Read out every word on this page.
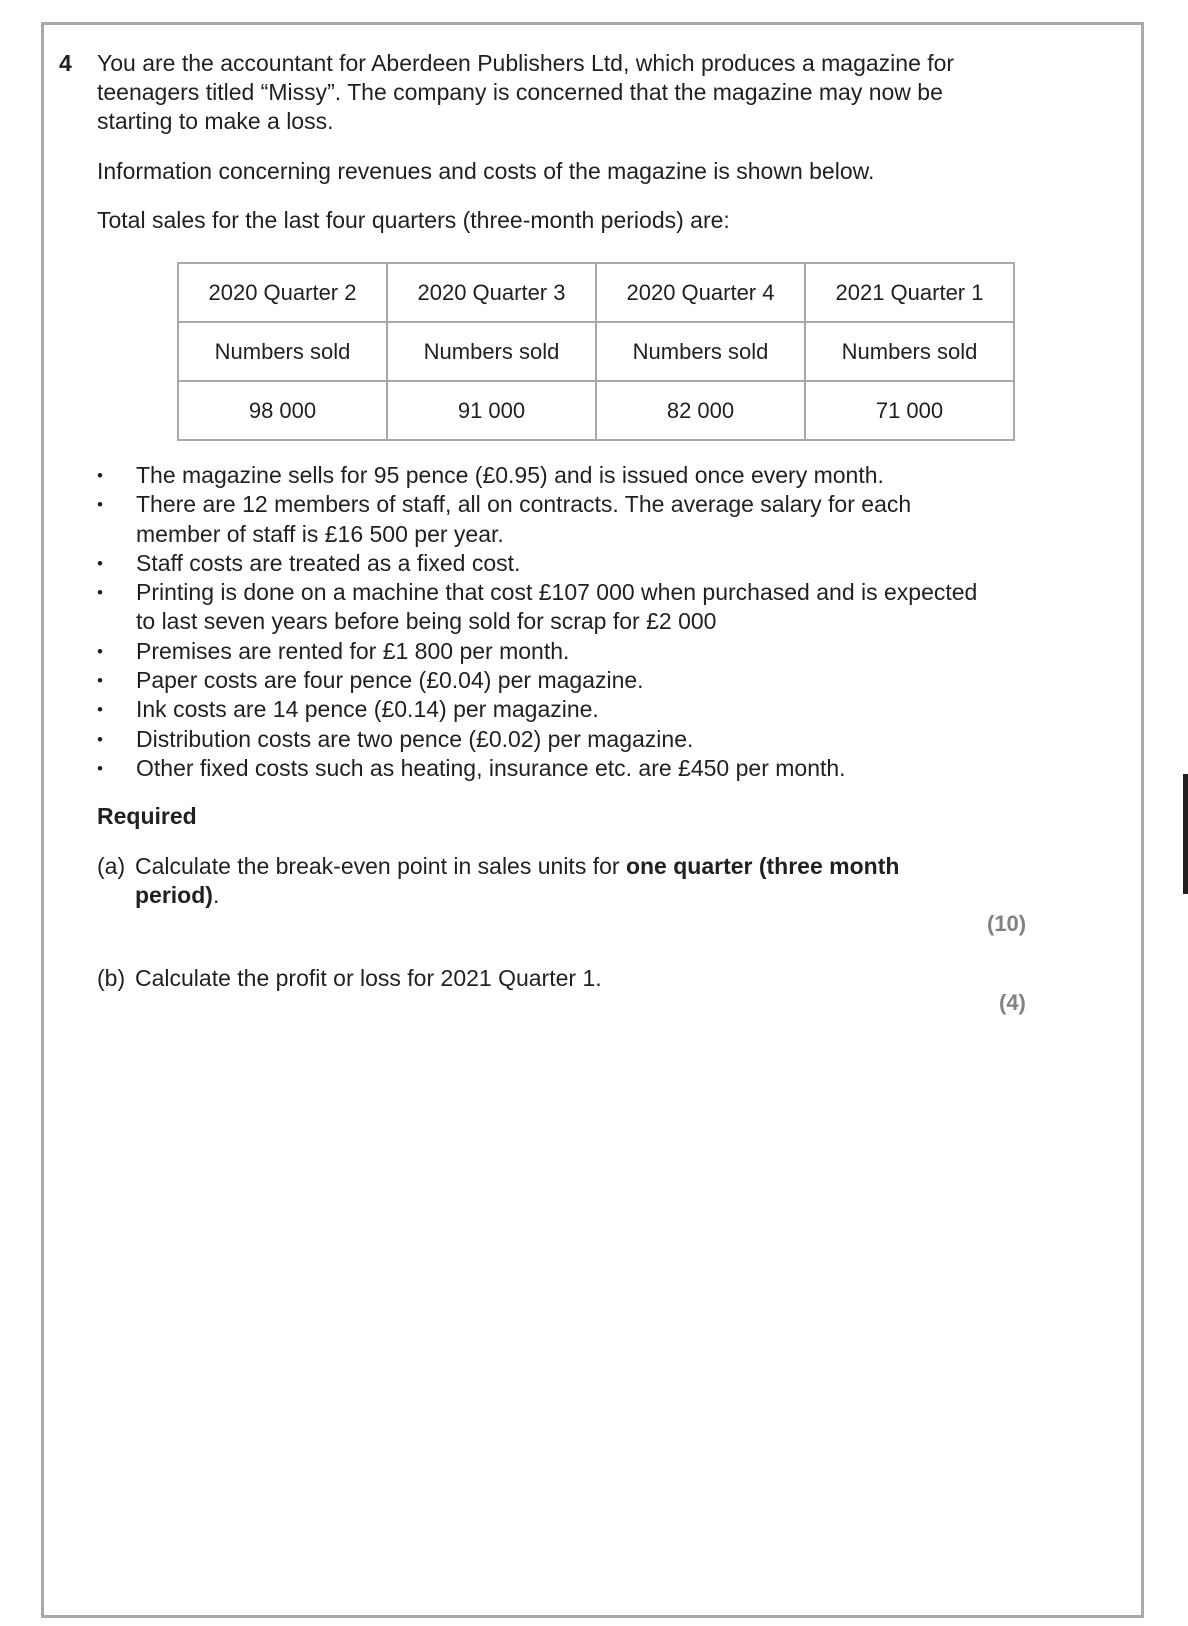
4 You are the accountant for Aberdeen Publishers Ltd, which produces a magazine for teenagers titled “Missy”. The company is concerned that the magazine may now be starting to make a loss.
Information concerning revenues and costs of the magazine is shown below.
Total sales for the last four quarters (three-month periods) are:
2020 Quarter 2	2020 Quarter 3	2020 Quarter 4	2021 Quarter 1
Numbers sold	Numbers sold	Numbers sold	Numbers sold
98 000	91 000	82 000	71 000
• The magazine sells for 95 pence (£0.95) and is issued once every month.
• There are 12 members of staff, all on contracts. The average salary for each member of staff is £16 500 per year.
• Staff costs are treated as a fixed cost.
• Printing is done on a machine that cost £107 000 when purchased and is expected to last seven years before being sold for scrap for £2 000
• Premises are rented for £1 800 per month.
• Paper costs are four pence (£0.04) per magazine.
• Ink costs are 14 pence (£0.14) per magazine.
• Distribution costs are two pence (£0.02) per magazine.
• Other fixed costs such as heating, insurance etc. are £450 per month.
Required
(a) Calculate the break-even point in sales units for one quarter (three month period).
(10)
(b) Calculate the profit or loss for 2021 Quarter 1.
(4)
